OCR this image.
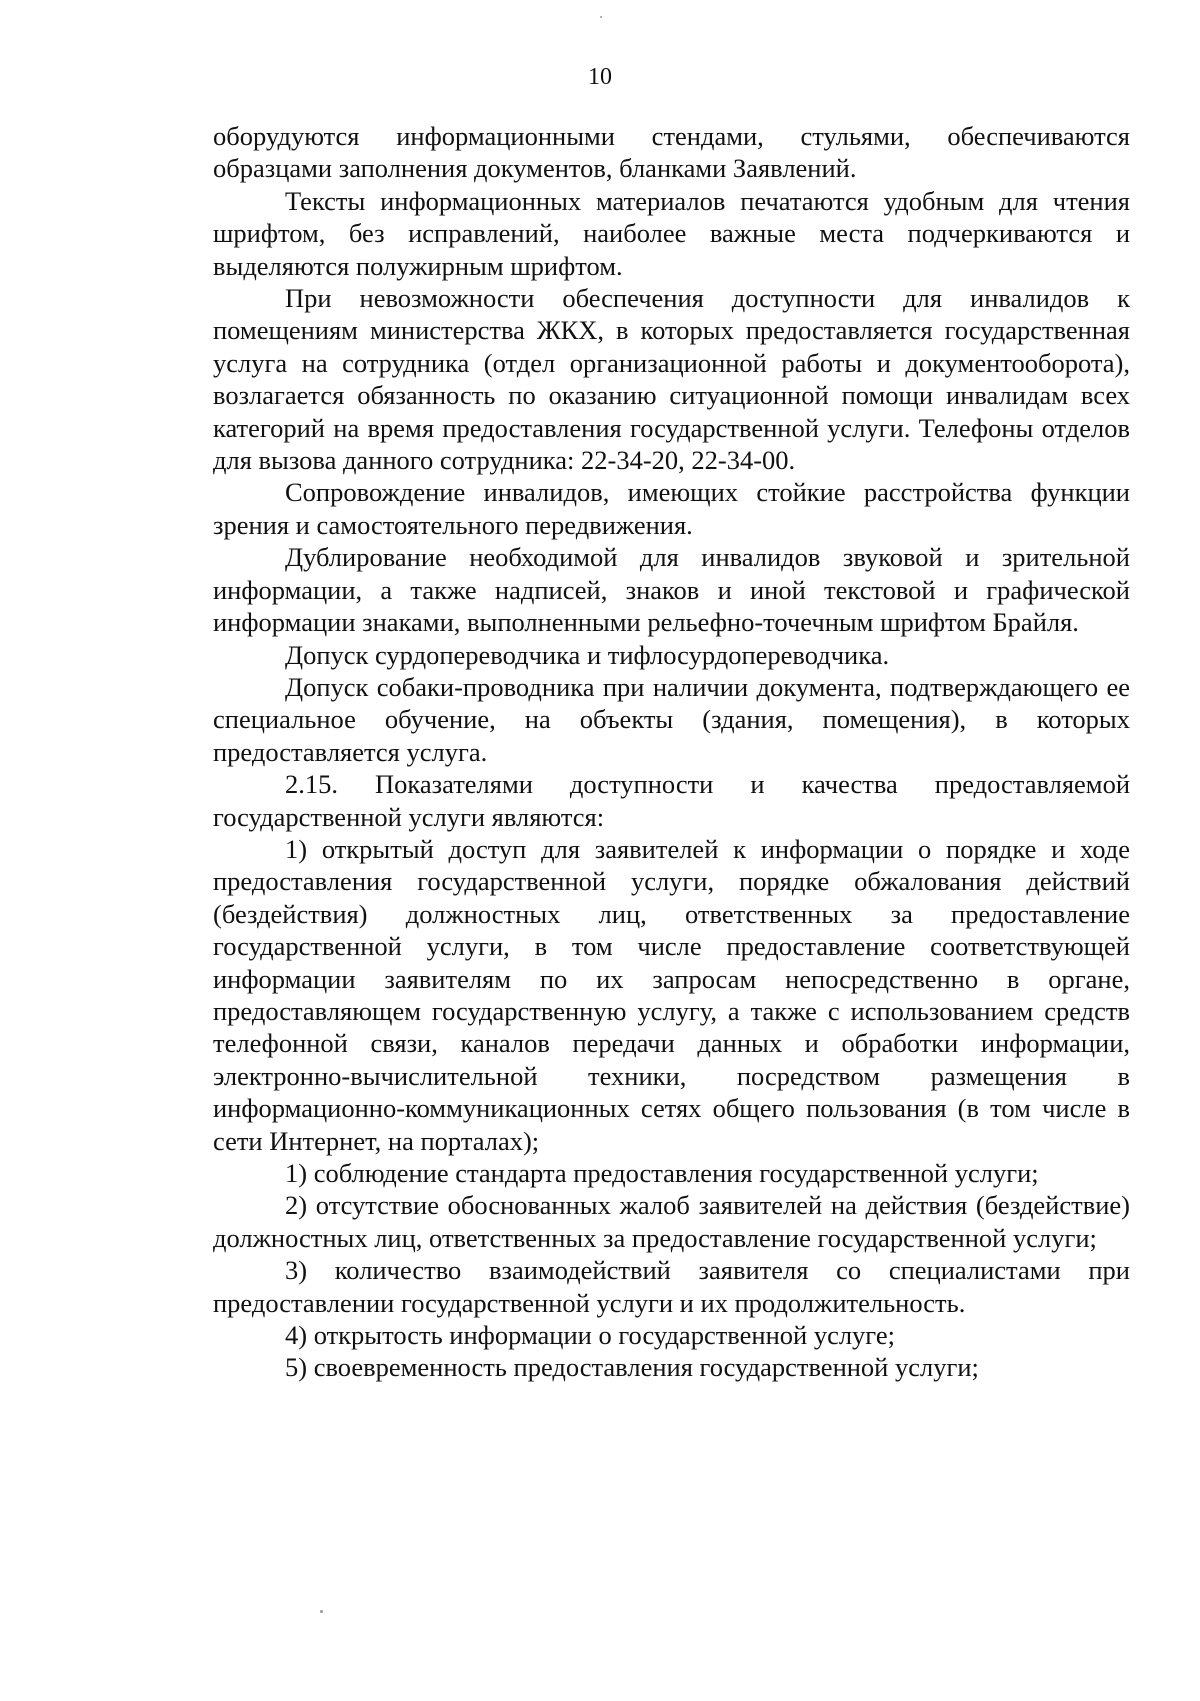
10

оборудуются информационными стендами, стульями, обеспечиваются образцами заполнения документов, бланками Заявлений.

Тексты информационных материалов печатаются удобным для чтения шрифтом, без исправлений, наиболее важные места подчеркиваются и выделяются полужирным шрифтом.

При невозможности обеспечения доступности для инвалидов к помещениям министерства ЖКХ, в которых предоставляется государственная услуга на сотрудника (отдел организационной работы и документооборота), возлагается обязанность по оказанию ситуационной помощи инвалидам всех категорий на время предоставления государственной услуги. Телефоны отделов для вызова данного сотрудника: 22-34-20, 22-34-00.

Сопровождение инвалидов, имеющих стойкие расстройства функции зрения и самостоятельного передвижения.

Дублирование необходимой для инвалидов звуковой и зрительной информации, а также надписей, знаков и иной текстовой и графической информации знаками, выполненными рельефно-точечным шрифтом Брайля.

Допуск сурдопереводчика и тифлосурдопереводчика.

Допуск собаки-проводника при наличии документа, подтверждающего ее специальное обучение, на объекты (здания, помещения), в которых предоставляется услуга.

2.15. Показателями доступности и качества предоставляемой государственной услуги являются:

1) открытый доступ для заявителей к информации о порядке и ходе предоставления государственной услуги, порядке обжалования действий (бездействия) должностных лиц, ответственных за предоставление государственной услуги, в том числе предоставление соответствующей информации заявителям по их запросам непосредственно в органе, предоставляющем государственную услугу, а также с использованием средств телефонной связи, каналов передачи данных и обработки информации, электронно-вычислительной техники, посредством размещения в информационно-коммуникационных сетях общего пользования (в том числе в сети Интернет, на порталах);

1) соблюдение стандарта предоставления государственной услуги;

2) отсутствие обоснованных жалоб заявителей на действия (бездействие) должностных лиц, ответственных за предоставление государственной услуги;

3) количество взаимодействий заявителя со специалистами при предоставлении государственной услуги и их продолжительность.

4) открытость информации о государственной услуге;

5) своевременность предоставления государственной услуги;
